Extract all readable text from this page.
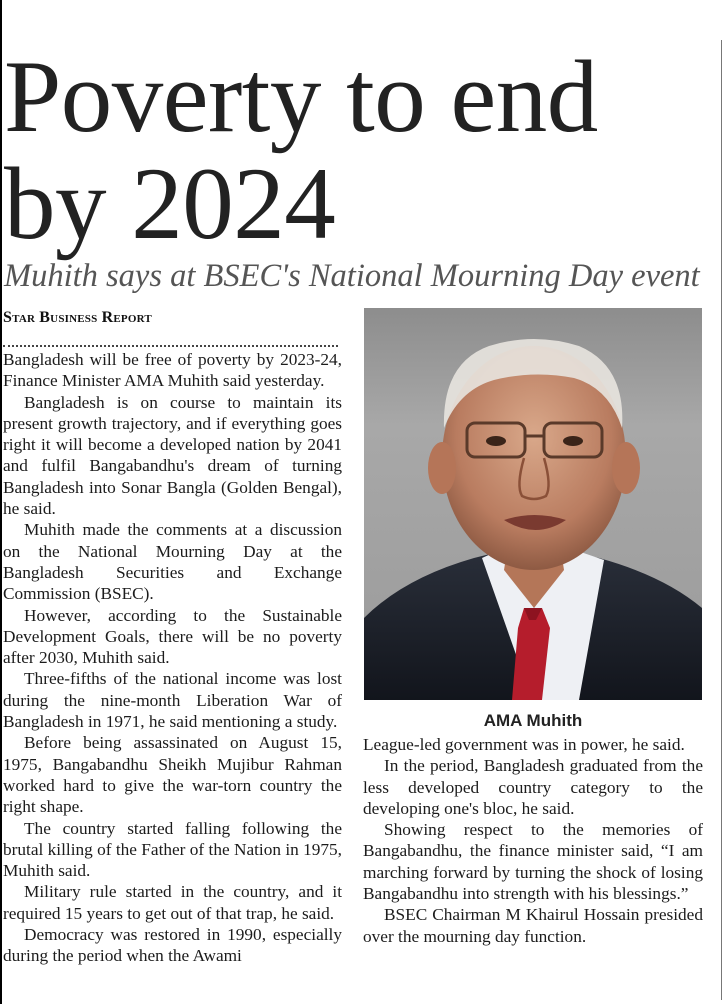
Poverty to end by 2024
Muhith says at BSEC's National Mourning Day event
Star Business Report

Bangladesh will be free of poverty by 2023-24, Finance Minister AMA Muhith said yesterday.

Bangladesh is on course to maintain its present growth trajectory, and if everything goes right it will become a developed nation by 2041 and fulfil Bangabandhu's dream of turning Bangladesh into Sonar Bangla (Golden Bengal), he said.

Muhith made the comments at a discussion on the National Mourning Day at the Bangladesh Securities and Exchange Commission (BSEC).

However, according to the Sustainable Development Goals, there will be no poverty after 2030, Muhith said.

Three-fifths of the national income was lost during the nine-month Liberation War of Bangladesh in 1971, he said mentioning a study.

Before being assassinated on August 15, 1975, Bangabandhu Sheikh Mujibur Rahman worked hard to give the war-torn country the right shape.

The country started falling following the brutal killing of the Father of the Nation in 1975, Muhith said.

Military rule started in the country, and it required 15 years to get out of that trap, he said.

Democracy was restored in 1990, especially during the period when the Awami

AMA Muhith

League-led government was in power, he said.

In the period, Bangladesh graduated from the less developed country category to the developing one's bloc, he said.

Showing respect to the memories of Bangabandhu, the finance minister said, “I am marching forward by turning the shock of losing Bangabandhu into strength with his blessings.”

BSEC Chairman M Khairul Hossain presided over the mourning day function.
